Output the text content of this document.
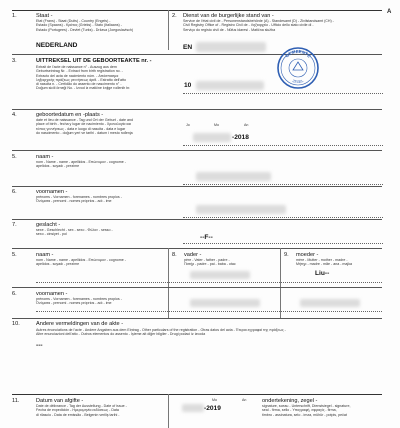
A
1.	Staat -
Etat (Frans) - Staat (Duits) - Country (Engels) -
Estado (Spaans) - Κράτος (Grieks) - Stato (Italiaans) -
Estado (Portugees) - Devlet (Turks) - Država (Joegoslavisch)
NEDERLAND
2. Dienst van de burgerlijke stand van -
Service de l'état civil de - Personenstandsbehörde (A) - Standesamt (D) - Zivilstandsamt (CH) -
Civil Registry Office of - Registro Civil de - Ληξιαρχείο - Ufficio dello stato civile di -
Serviço do registo civil de - Nüfus idaresi - Matična služba
EN
3.	UITTREKSEL UIT DE GEBOORTEAKTE nr. -
Extrait de l'acte de naissance n° - Auszug aus dem
Geburtseintrag Nr. - Extract from birth registration no. -
Extracto del acta de nacimiento núm. - Απόσπασμα
ληξιαρχικής πράξεως γεννήσεως άριθ. - Estratto dell'atto
di nascita n. - Certidão do assento de nascimento n° -
Doğum sicili örneği No. - Izvod iz matične knjige rođenih br.	10
GEMEENTE
ZEGEL
4.	geboortedatum en -plaats -
date et lieu de naissance - Tag und Ort der Geburt - date and
place of birth - fecha y lugar de nacimiento - Χρονολογία και
τόπος γεννήσεως - data e luogo di nascita - data e lugar
do nascimento - doğum yeri ve tarihi - datum i mesto rođenja
Jo	Mo	An
-2018
5.	naam -
nom - Name - name - apellidos - Επώνυμον - cognome -
apelidos - soyadı - prezime
6.	voornamen -
prénoms - Vornamen - forenames - nombres propios -
Όνόματα - prenomi - nomes próprios - adı - ime
7.	geslacht -
sexe - Geschlecht - sex - sexo - Φύλον - sesso -
sexo - cinsiyet - pol	--F--
5.	naam -
nom - Name - name - apellidos - Επώνυμον - cognome -
apelidos - soyadı - prezime
8. vader -
père - Vater - father - padre -
Πατήρ - padre - pai - baba - otac
9. moeder -
mère - Mutter - mother - madre -
Μήτηρ - madre - mãe - ana - majka
Liu--
6.	voornamen -
prénoms - Vornamen - forenames - nombres propios -
Όνόματα - prenomi - nomes próprios - adı - ime
10.	Andere vermeldingen van de akte -
Autres énonciations de l'acte - Andere Angaben aus dem Eintrag - Other particulars of the registration - Otras datos del acta - Έτεραι εγγραφαί της πράξεως -
Altre enunciazioni dell'atto - Outros elementos do assento - İşleme ait diğer bilgiler - Drugi podaci iz izvoda
---
11.	Datum van afgifte -
Date de délivrance - Tag der Ausstellung - Date of issue -
Fecha de expedición - Ημερομηνία εκδόσεως - Data
di rilascio - Data de emissão - Belgenin veriliş tarihi -
Mo	An
-2019
ondertekening, zegel -
signature, sceau - Unterschrift, Dienstsiegel - signature,
seal - firma, sello - Υπογραφή, σφραγίς - firma,
timbro - assinatura, selo - imza, mühür - potpis, pečat
